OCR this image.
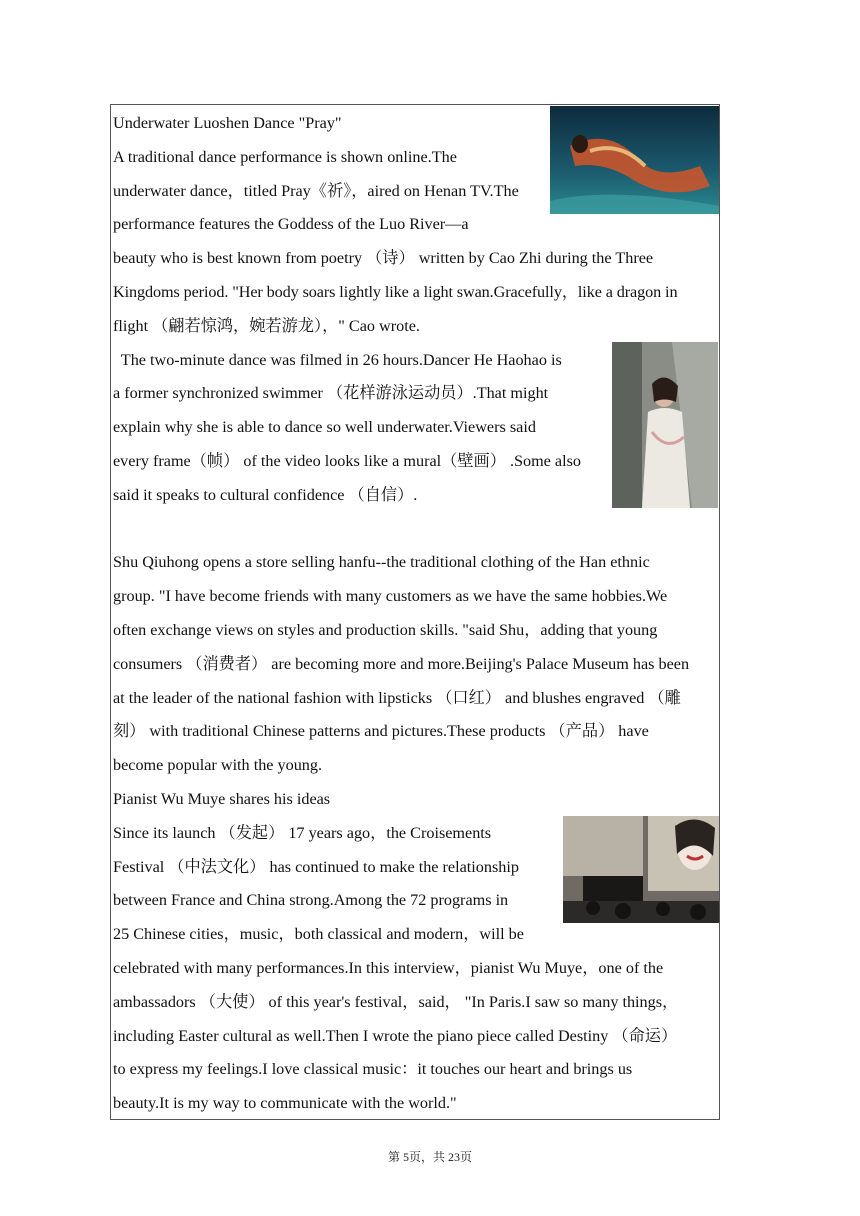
Underwater Luoshen Dance "Pray"

A traditional dance performance is shown online.The

underwater dance，titled Pray《祈》，aired on Henan TV.The

performance features the Goddess of the Luo River—a

beauty who is best known from poetry （诗） written by Cao Zhi during the Three

Kingdoms period. "Her body soars lightly like a light swan.Gracefully，like a dragon in

flight （翩若惊鸿，婉若游龙），" Cao wrote.

The two-minute dance was filmed in 26 hours.Dancer He Haohao is

a former synchronized swimmer （花样游泳运动员）.That might

explain why she is able to dance so well underwater.Viewers said

every frame（帧） of the video looks like a mural（壁画） .Some also

said it speaks to cultural confidence （自信）.

Shu Qiuhong opens a store selling hanfu--the traditional clothing of the Han ethnic

group. "I have become friends with many customers as we have the same hobbies.We

often exchange views on styles and production skills. "said Shu，adding that young

consumers （消费者） are becoming more and more.Beijing's Palace Museum has been

at the leader of the national fashion with lipsticks （口红） and blushes engraved （雕

刻） with traditional Chinese patterns and pictures.These products （产品） have

become popular with the young.

Pianist Wu Muye shares his ideas

Since its launch （发起） 17 years ago，the Croisements

Festival （中法文化） has continued to make the relationship

between France and China strong.Among the 72 programs in

25 Chinese cities，music，both classical and modern，will be

celebrated with many performances.In this interview，pianist Wu Muye，one of the

ambassadors （大使） of this year's festival，said， "In Paris.I saw so many things，

including Easter cultural as well.Then I wrote the piano piece called Destiny （命运）

to express my feelings.I love classical music：it touches our heart and brings us

beauty.It is my way to communicate with the world."

第 5页，共 23页
